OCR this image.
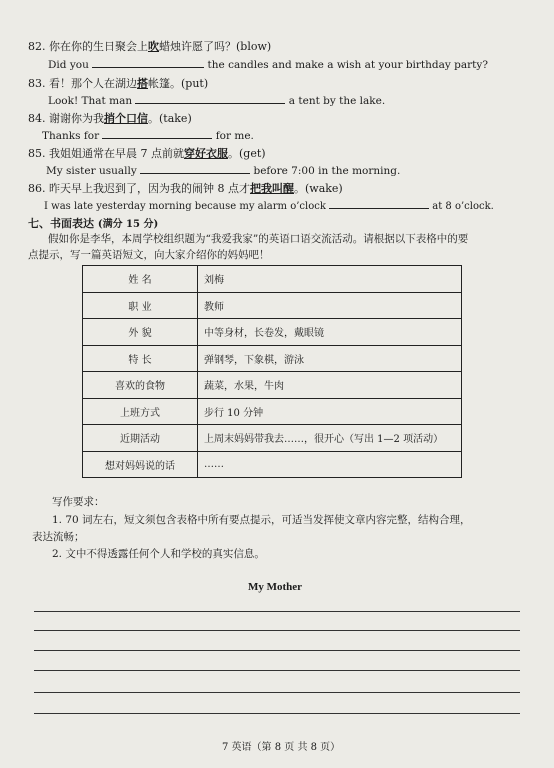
82. 你在你的生日聚会上吹蜡烛许愿了吗？(blow)
Did you	the candles and make a wish at your birthday party?
83. 看！那个人在湖边搭帐篷。(put)
Look! That man	a tent by the lake.
84. 谢谢你为我捎个口信。(take)
Thanks for	for me.
85. 我姐姐通常在早晨 7 点前就穿好衣服。(get)
My sister usually	before 7:00 in the morning.
86. 昨天早上我迟到了，因为我的闹钟 8 点才把我叫醒。(wake)
I was late yesterday morning because my alarm o’clock	at 8 o’clock.
七、书面表达 (满分 15 分)
假如你是李华，本周学校组织题为“我爱我家”的英语口语交流活动。请根据以下表格中的要
点提示，写一篇英语短文，向大家介绍你的妈妈吧！
姓 名	刘梅
职 业	教师
外 貌	中等身材，长卷发，戴眼镜
特 长	弹钢琴，下象棋，游泳
喜欢的食物	蔬菜，水果，牛肉
上班方式	步行 10 分钟
近期活动	上周末妈妈带我去……，很开心（写出 1—2 项活动）
想对妈妈说的话	……
写作要求：
1. 70 词左右，短文须包含表格中所有要点提示，可适当发挥使文章内容完整，结构合理，
表达流畅；
2. 文中不得透露任何个人和学校的真实信息。
My Mother
7 英语（第 8 页 共 8 页）
